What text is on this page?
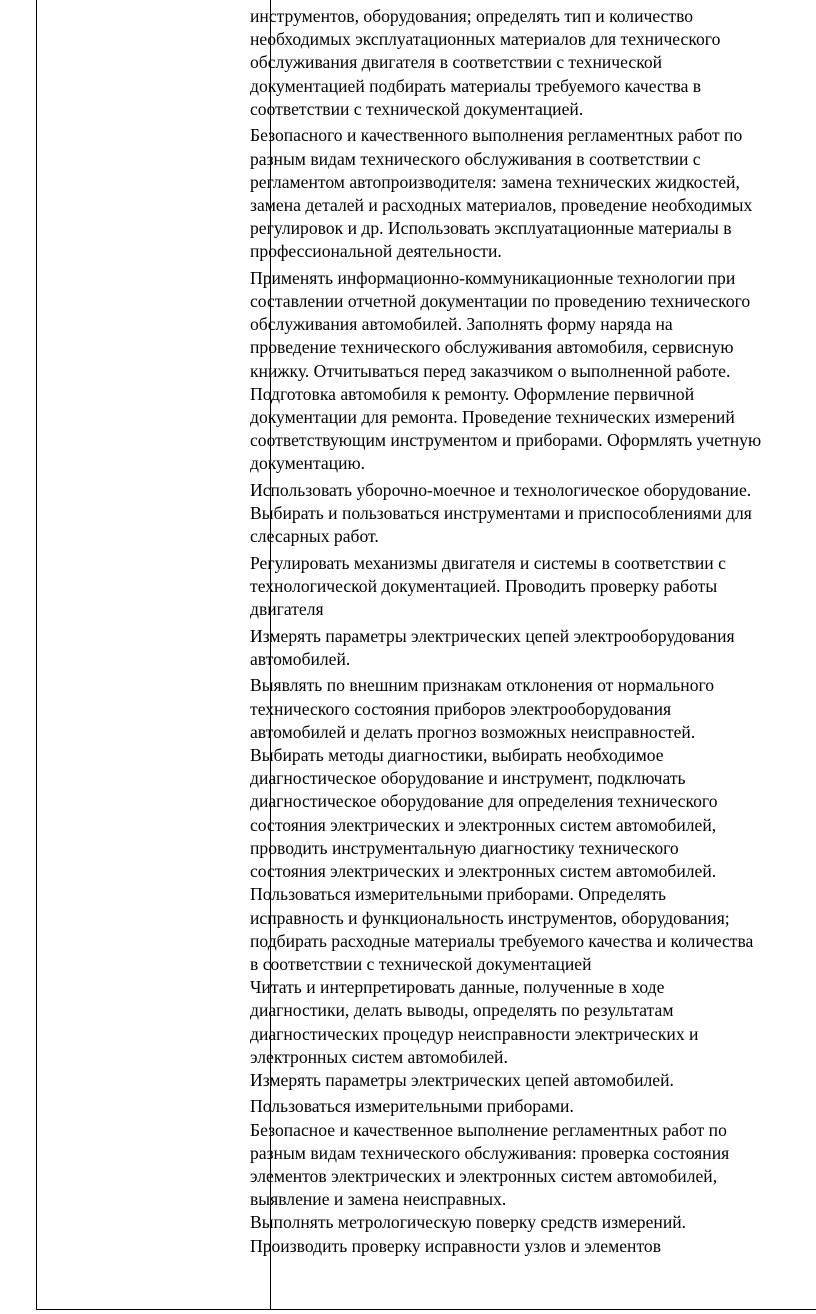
инструментов, оборудования; определять тип и количество
необходимых эксплуатационных материалов для технического
обслуживания двигателя в соответствии с технической
документацией подбирать материалы требуемого качества в
соответствии с технической документацией.
Безопасного и качественного выполнения регламентных работ по
разным видам технического обслуживания в соответствии с
регламентом автопроизводителя: замена технических жидкостей,
замена деталей и расходных материалов, проведение необходимых
регулировок и др. Использовать эксплуатационные материалы в
профессиональной деятельности.
Применять информационно-коммуникационные технологии при
составлении отчетной документации по проведению технического
обслуживания автомобилей. Заполнять форму наряда на
проведение технического обслуживания автомобиля, сервисную
книжку. Отчитываться перед заказчиком о выполненной работе.
Подготовка автомобиля к ремонту. Оформление первичной
документации для ремонта. Проведение технических измерений
соответствующим инструментом и приборами. Оформлять учетную
документацию.
Использовать уборочно-моечное и технологическое оборудование.
Выбирать и пользоваться инструментами и приспособлениями для
слесарных работ.
Регулировать механизмы двигателя и системы в соответствии с
технологической документацией. Проводить проверку работы
двигателя
Измерять параметры электрических цепей электрооборудования
автомобилей.
Выявлять по внешним признакам отклонения от нормального
технического состояния приборов электрооборудования
автомобилей и делать прогноз возможных неисправностей.
Выбирать методы диагностики, выбирать необходимое
диагностическое оборудование и инструмент, подключать
диагностическое оборудование для определения технического
состояния электрических и электронных систем автомобилей,
проводить инструментальную диагностику технического
состояния электрических и электронных систем автомобилей.
Пользоваться измерительными приборами. Определять
исправность и функциональность инструментов, оборудования;
подбирать расходные материалы требуемого качества и количества
в соответствии с технической документацией
Читать и интерпретировать данные, полученные в ходе
диагностики, делать выводы, определять по результатам
диагностических процедур неисправности электрических и
электронных систем автомобилей.
Измерять параметры электрических цепей автомобилей.
Пользоваться измерительными приборами.
Безопасное и качественное выполнение регламентных работ по
разным видам технического обслуживания: проверка состояния
элементов электрических и электронных систем автомобилей,
выявление и замена неисправных.
Выполнять метрологическую поверку средств измерений.
Производить проверку исправности узлов и элементов
